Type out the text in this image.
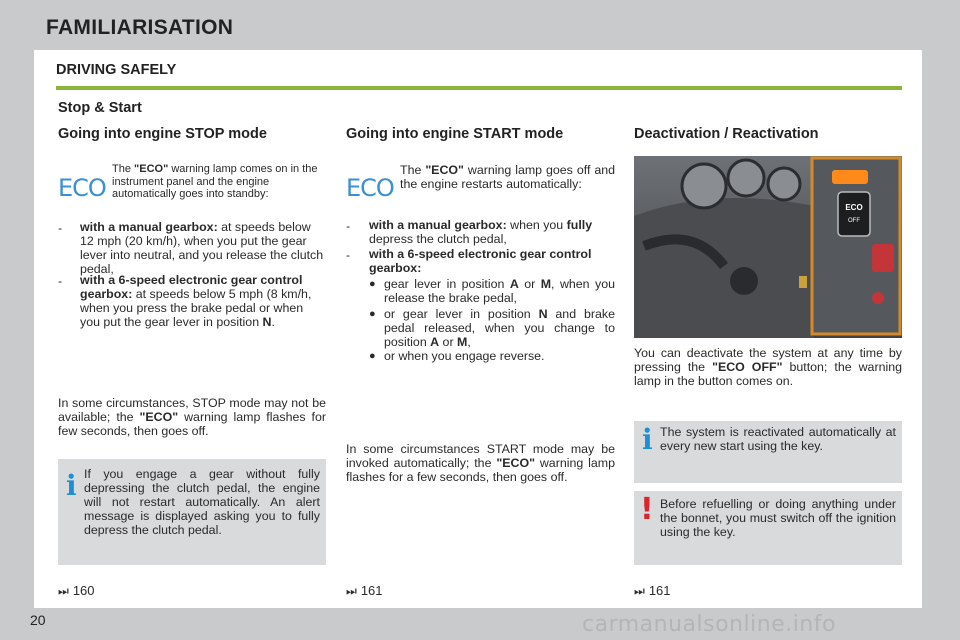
FAMILIARISATION
DRIVING SAFELY
Stop & Start
Going into engine STOP mode
ECO
The "ECO" warning lamp comes on in the instrument panel and the engine automatically goes into standby:
- with a manual gearbox: at speeds below 12 mph (20 km/h), when you put the gear lever into neutral, and you release the clutch pedal,
- with a 6-speed electronic gear control gearbox: at speeds below 5 mph (8 km/h, when you press the brake pedal or when you put the gear lever in position N.
In some circumstances, STOP mode may not be available; the "ECO" warning lamp flashes for few seconds, then goes off.
i If you engage a gear without fully depressing the clutch pedal, the engine will not restart automatically. An alert message is displayed asking you to fully depress the clutch pedal.
⏭ 160
Going into engine START mode
ECO
The "ECO" warning lamp goes off and the engine restarts automatically:
- with a manual gearbox: when you fully depress the clutch pedal,
- with a 6-speed electronic gear control gearbox:
● gear lever in position A or M, when you release the brake pedal,
● or gear lever in position N and brake pedal released, when you change to position A or M,
● or when you engage reverse.
In some circumstances START mode may be invoked automatically; the "ECO" warning lamp flashes for a few seconds, then goes off.
⏭ 161
Deactivation / Reactivation
ECO
OFF
You can deactivate the system at any time by pressing the "ECO OFF" button; the warning lamp in the button comes on.
i The system is reactivated automatically at every new start using the key.
! Before refuelling or doing anything under the bonnet, you must switch off the ignition using the key.
⏭ 161
20	carmanualsonline.info
